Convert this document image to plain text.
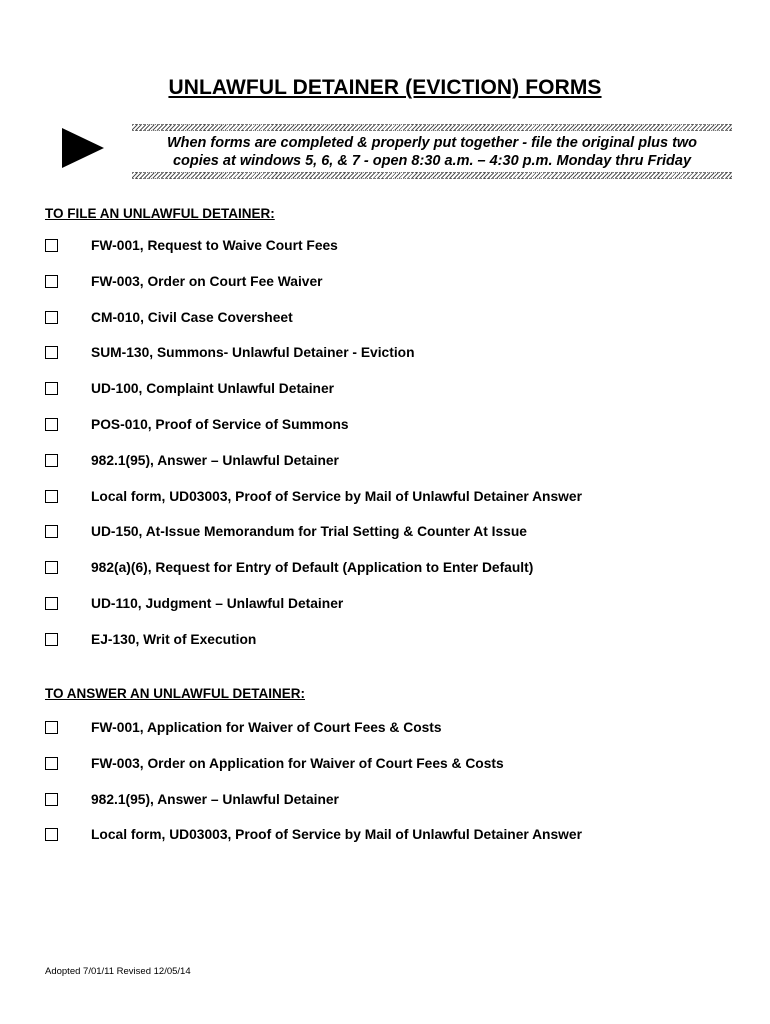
UNLAWFUL DETAINER (EVICTION) FORMS
When forms are completed & properly put together - file the original plus two
copies at windows 5, 6, & 7 - open 8:30 a.m. – 4:30 p.m. Monday thru Friday
TO FILE AN UNLAWFUL DETAINER:
FW-001, Request to Waive Court Fees
FW-003, Order on Court Fee Waiver
CM-010, Civil Case Coversheet
SUM-130, Summons- Unlawful Detainer - Eviction
UD-100, Complaint Unlawful Detainer
POS-010, Proof of Service of Summons
982.1(95), Answer – Unlawful Detainer
Local form, UD03003, Proof of Service by Mail of Unlawful Detainer Answer
UD-150, At-Issue Memorandum for Trial Setting & Counter At Issue
982(a)(6), Request for Entry of Default (Application to Enter Default)
UD-110, Judgment – Unlawful Detainer
EJ-130, Writ of Execution
TO ANSWER AN UNLAWFUL DETAINER:
FW-001, Application for Waiver of Court Fees & Costs
FW-003, Order on Application for Waiver of Court Fees & Costs
982.1(95), Answer – Unlawful Detainer
Local form, UD03003, Proof of Service by Mail of Unlawful Detainer Answer
Adopted 7/01/11 Revised 12/05/14
